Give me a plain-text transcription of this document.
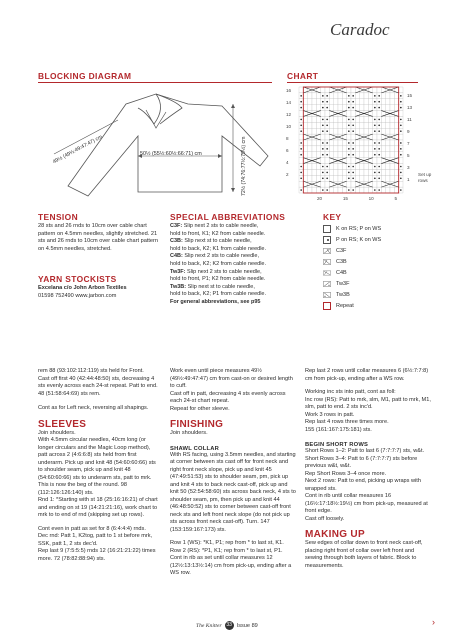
Caradoc
BLOCKING DIAGRAM
50½ (55½:60½:66:71) cm
49½ (49½:49:47:47) cm	72½ (74:76:77½:79½) cm
CHART
16
14
12
10
8
6
4
2
15
13
11
9
7
5
3
1
Set up rows
20	15	10	5
TENSION
28 sts and 26 rnds to 10cm over cable chart pattern on 4.5mm needles, slightly stretched. 21 sts and 26 rnds to 10cm over cable chart pattern on 4.5mm needles, stretched.
YARN STOCKISTS
Excelana c/o John Arbon Textiles
01598 752490 www.jarbon.com
SPECIAL ABBREVIATIONS
C3F: Slip next 2 sts to cable needle,
hold to front, K1; K2 from cable needle.
C3B: Slip next st to cable needle,
hold to back, K2; K1 from cable needle.
C4B: Slip next 2 sts to cable needle,
hold to back, K2; K2 from cable needle.
Tw3F: Slip next 2 sts to cable needle,
hold to front, P1; K2 from cable needle.
Tw3B: Slip next st to cable needle,
hold to back, K2; P1 from cable needle.
For general abbreviations, see p95
KEY
K on RS; P on WS
P on RS; K on WS
C3F
C3B
C4B
Tw3F
Tw3B
Repeat
rem 88 (93:102:112:119) sts held for Front.
Cast off first 40 (42:44:48:50) sts, decreasing 4 sts evenly across each 24-st repeat. Patt to end.
48 (51:58:64:69) sts rem.
Cont as for Left neck, reversing all shapings.
SLEEVES
Join shoulders.
With 4.5mm circular needles, 40cm long (or longer circulars and the Magic Loop method), patt across 2 (4:6:6:8) sts held from first underarm. Pick up and knit 48 (54:60:60:66) sts to shoulder seam, pick up and knit 48 (54:60:60:66) sts to underarm sts, patt to mrk. This is now the beg of the round. 98 (112:126:126:140) sts.
Rnd 1: *Starting with st 18 (25:16:16:21) of chart and ending on st 19 (14:21:21:16), work chart to mrk to to end of rnd (skipping set up rows).
Cont even in patt as set for 8 (6:4:4:4) rnds.
Dec rnd: Patt 1, K2tog, patt to 1 st before mrk, SSK, patt 1, 2 sts dec'd.
Rep last 9 (7:5:5:5) rnds 12 (16:21:21:22) times more. 72 (78:82:88:94) sts.
Work even until piece measures 49½ (49½:49:47:47) cm from cast-on or desired length to cuff.
Cast off in patt, decreasing 4 sts evenly across each 24-st chart repeat.
Repeat for other sleeve.
FINISHING
Join shoulders.
SHAWL COLLAR
With RS facing, using 3.5mm needles, and starting at corner between sts cast off for front neck and right front neck slope, pick up and knit 45 (47:49:51:53) sts to shoulder seam, pm, pick up and knit 4 sts to back neck cast-off, pick up and knit 50 (52:54:58:60) sts across back neck, 4 sts to shoulder seam, pm, then pick up and knit 44 (46:48:50:52) sts to corner between cast-off front neck sts and left front neck slope (do not pick up sts across front neck cast-off). Turn. 147 (153:159:167:173) sts.
Row 1 (WS): *K1, P1; rep from * to last st, K1.
Row 2 (RS): *P1, K1; rep from * to last st, P1.
Cont in rib as set until collar measures 12 (12½:13:13½:14) cm from pick-up, ending after a WS row.
Rep last 2 rows until collar measures 6 (6½:7:7:8) cm from pick-up, ending after a WS row.
Working inc sts into patt, cont as foll:
Inc row (RS): Patt to mrk, slm, M1, patt to mrk, M1, slm, patt to end. 2 sts inc'd.
Work 3 rows in patt.
Rep last 4 rows three times more.
155 (161:167:175:181) sts.
BEGIN SHORT ROWS
Short Rows 1–2: Patt to last 6 (7:7:7:7) sts, w&t.
Short Rows 3–4: Patt to 6 (7:7:7:7) sts before previous w&t, w&t.
Rep Short Rows 3–4 once more.
Next 2 rows: Patt to end, picking up wraps with wrapped sts.
Cont in rib until collar measures 16 (16½:17:18½:19½) cm from pick-up, measured at front edge.
Cast off loosely.
MAKING UP
Sew edges of collar down to front neck cast-off, placing right front of collar over left front and sewing through both layers of fabric. Block to measurements.
The Knitter 33 Issue 89	›
